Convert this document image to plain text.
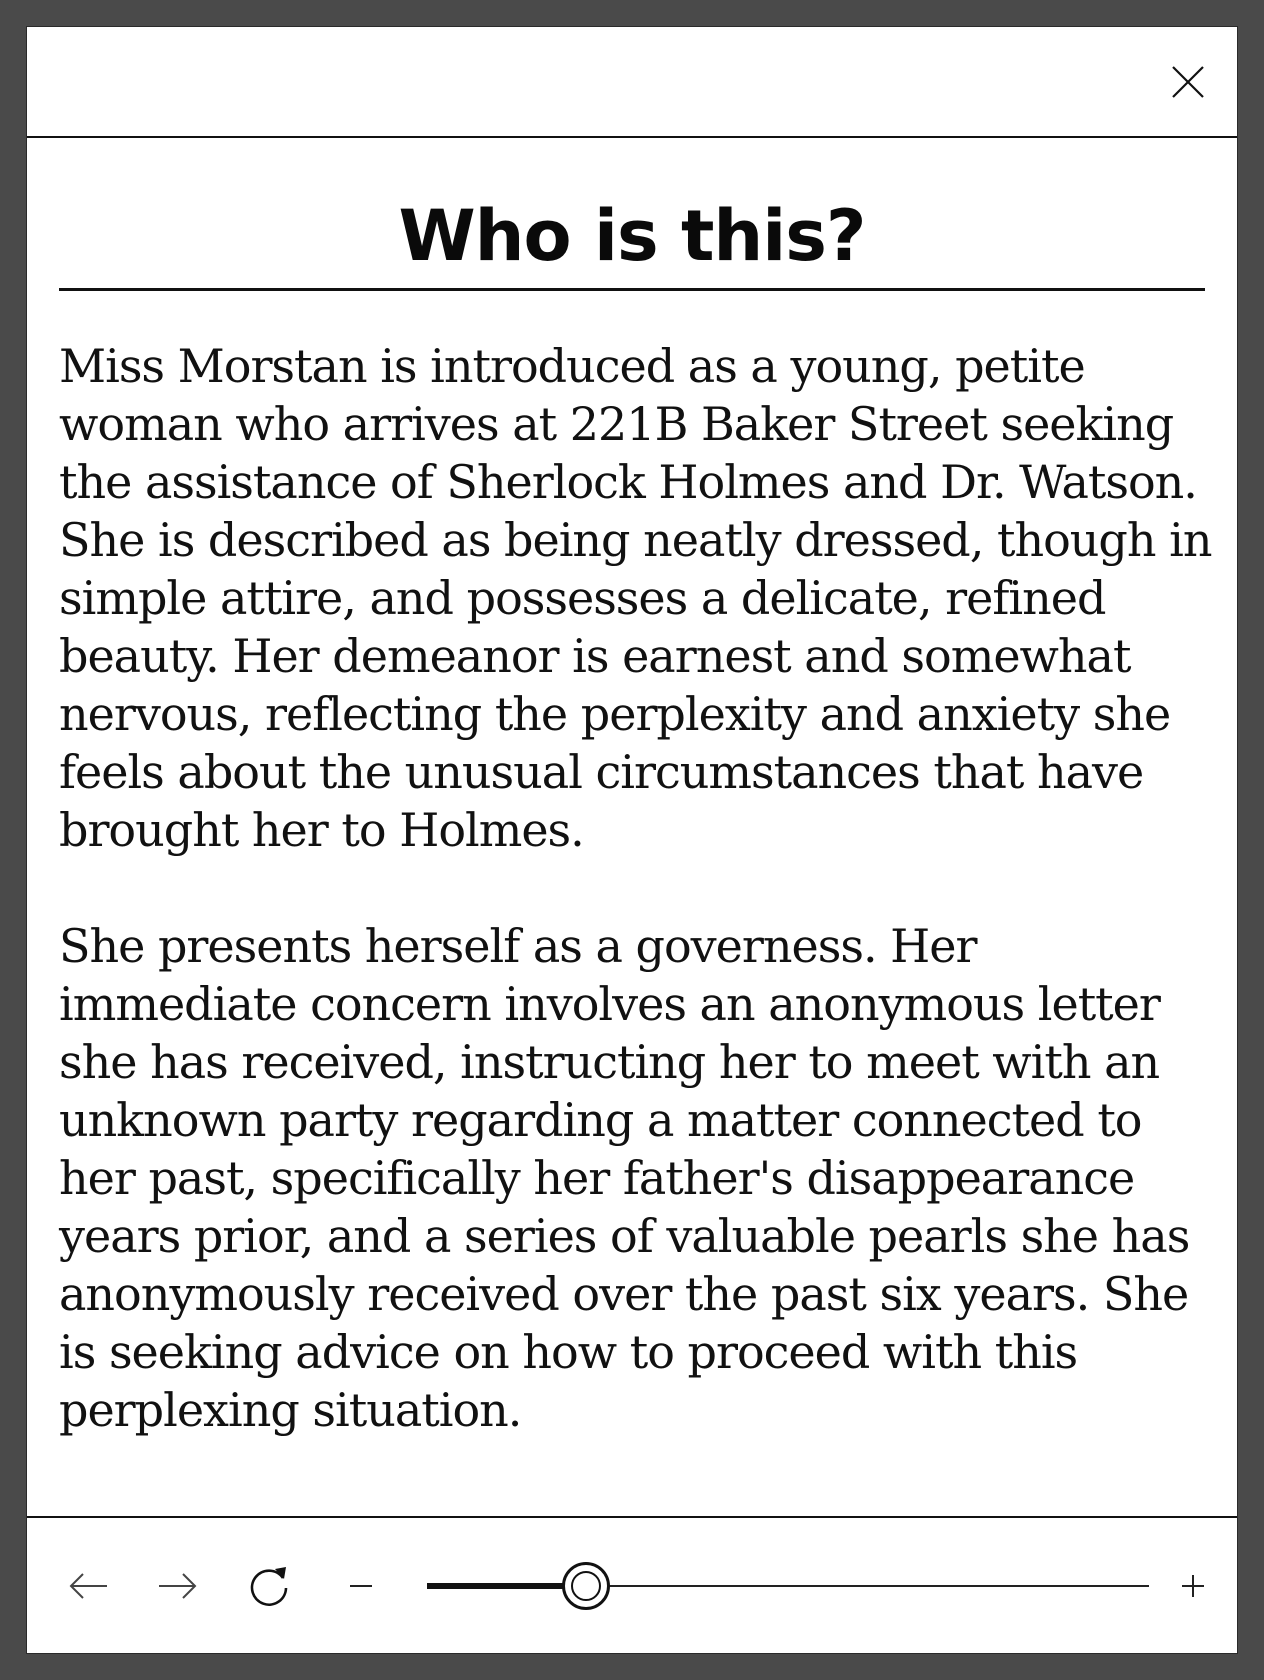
Who is this?

Miss Morstan is introduced as a young, petite woman who arrives at 221B Baker Street seeking the assistance of Sherlock Holmes and Dr. Watson. She is described as being neatly dressed, though in simple attire, and possesses a delicate, refined beauty. Her demeanor is earnest and somewhat nervous, reflecting the perplexity and anxiety she feels about the unusual circumstances that have brought her to Holmes.

She presents herself as a governess. Her immediate concern involves an anonymous letter she has received, instructing her to meet with an unknown party regarding a matter connected to her past, specifically her father's disappearance years prior, and a series of valuable pearls she has anonymously received over the past six years. She is seeking advice on how to proceed with this perplexing situation.
